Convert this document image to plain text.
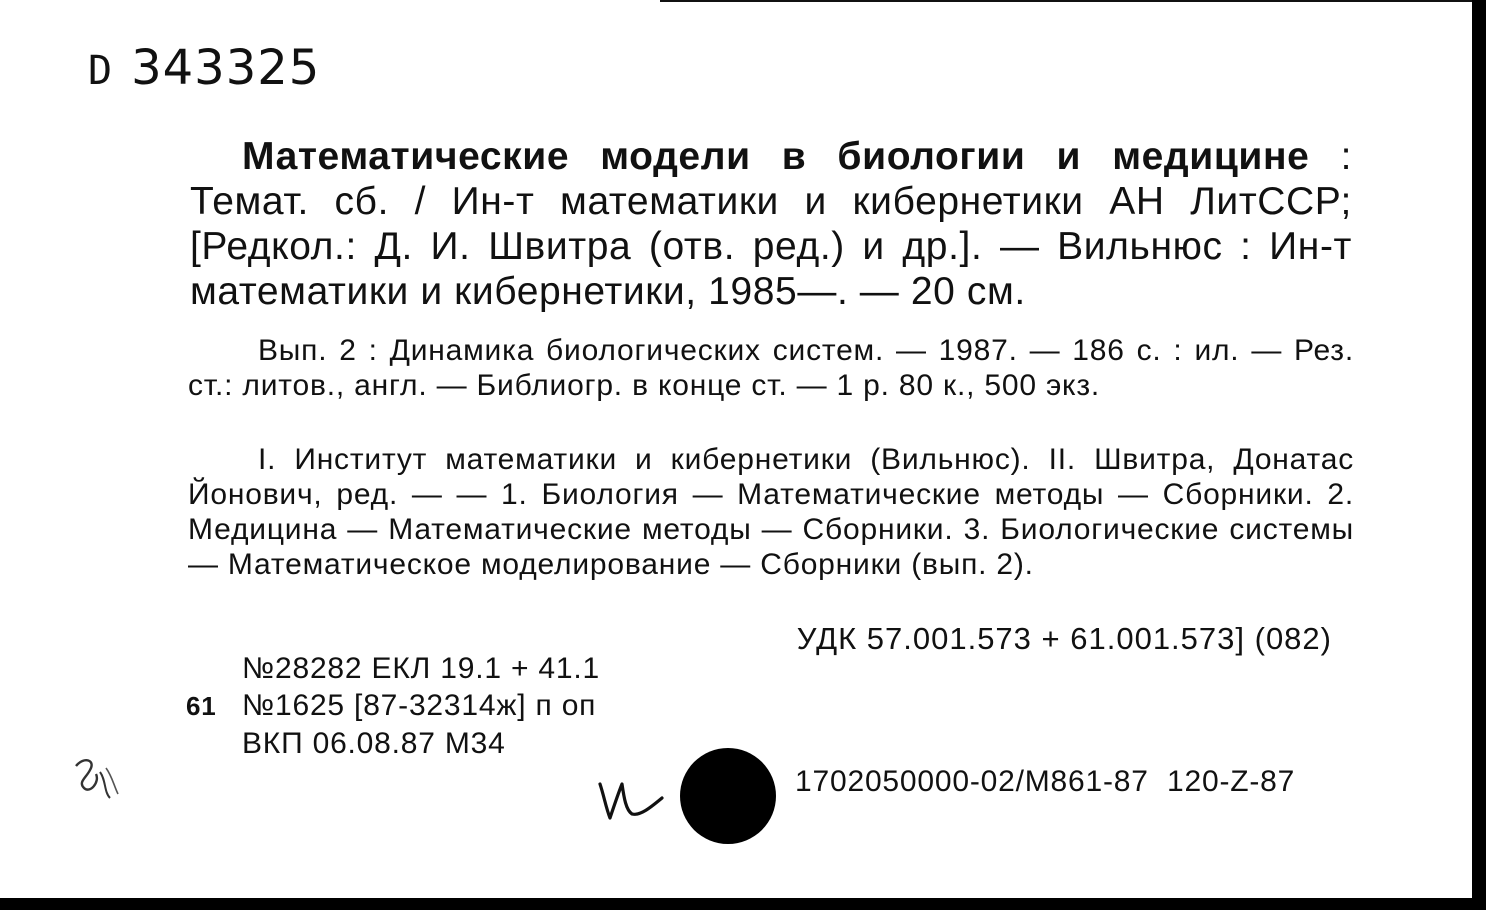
D 343325
Математические модели в биологии и медицине : Темат. сб. / Ин-т математики и кибернетики АН ЛитССР; [Редкол.: Д. И. Швитра (отв. ред.) и др.]. — Вильнюс : Ин-т математики и кибернетики, 1985—. — 20 см.
Вып. 2 : Динамика биологических систем. — 1987. — 186 с. : ил. — Рез. ст.: литов., англ. — Библиогр. в конце ст. — 1 р. 80 к., 500 экз.
I. Институт математики и кибернетики (Вильнюс). II. Швитра, Донатас Йонович, ред. — — 1. Биология — Математические методы — Сборники. 2. Медицина — Математические методы — Сборники. 3. Биологические системы — Математическое моделирование — Сборники (вып. 2).
УДК 57.001.573 + 61.001.573] (082)
№28282 ЕКЛ 19.1 + 41.1
61 №1625 [87-32314ж] п оп
ВКП 06.08.87 М34
1702050000-02/М861-87  120-Z-87
